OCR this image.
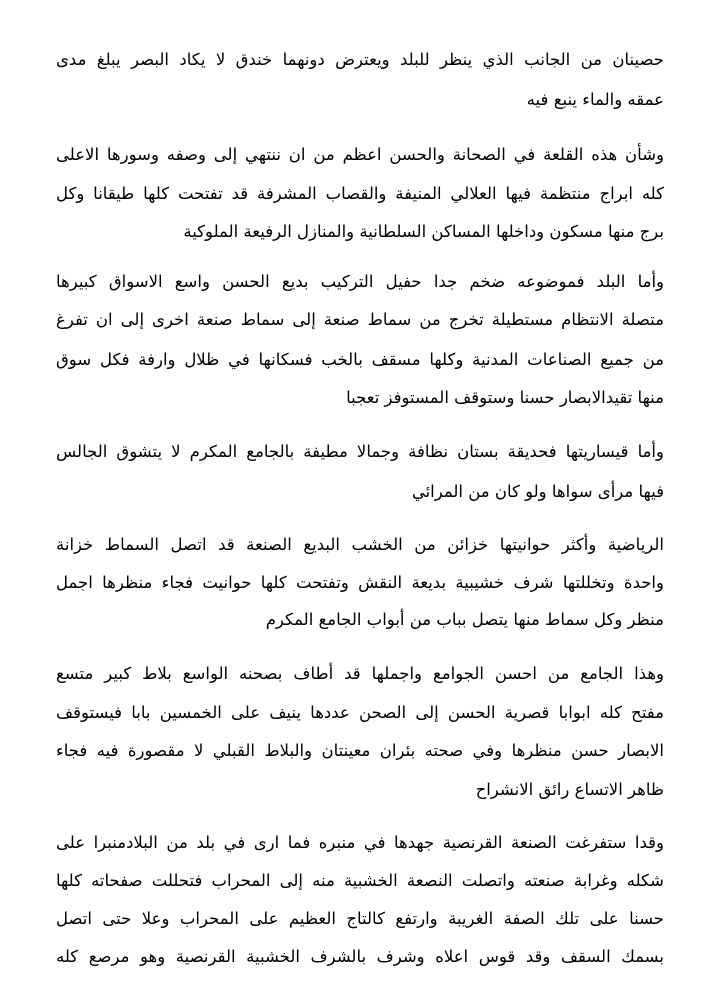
حصينان من الجانب الذي ينظر للبلد ويعترض دونهما خندق لا يكاد البصر يبلغ مدى
عمقه والماء ينبع فيه
وشأن هذه القلعة في الصحانة والحسن اعظم من ان ننتهي إلى وصفه وسورها الاعلى
كله ابراج منتظمة فيها العلالي المنيفة والقصاب المشرفة قد تفتحت كلها طيقانا وكل
برج منها مسكون وداخلها المساكن السلطانية والمنازل الرفيعة الملوكية
وأما البلد فموضوعه ضخم جدا حفيل التركيب بديع الحسن واسع الاسواق كبيرها
متصلة الانتظام مستطيلة تخرج من سماط صنعة إلى سماط صنعة اخرى إلى ان تفرغ
من جميع الصناعات المدنية وكلها مسقف بالخب فسكانها في ظلال وارفة فكل سوق
منها تقيدالابصار حسنا وستوقف المستوفز تعجبا
وأما قيساريتها فحديقة بستان نظافة وجمالا مطيفة بالجامع المكرم لا يتشوق الجالس
فيها مرأى سواها ولو كان من المرائي
الرياضية وأكثر حوانيتها خزائن من الخشب البديع الصنعة قد اتصل السماط خزانة
واحدة وتخللتها شرف خشيبية بديعة النقش وتفتحت كلها حوانيت فجاء منظرها اجمل
منظر وكل سماط منها يتصل بباب من أبواب الجامع المكرم
وهذا الجامع من احسن الجوامع واجملها قد أطاف بصحنه الواسع بلاط كبير متسع
مفتح كله ابوابا قصرية الحسن إلى الصحن عددها ينيف على الخمسين بابا فيستوقف
الابصار حسن منظرها وفي صحته بئران معينتان والبلاط القبلي لا مقصورة فيه فجاء
ظاهر الاتساع رائق الانشراح
وقدا ستفرغت الصنعة القرنصية جهدها في منبره فما ارى في بلد من البلادمنبرا على
شكله وغرابة صنعته واتصلت النصعة الخشبية منه إلى المحراب فتحللت صفحاته كلها
حسنا على تلك الصفة الغريبة وارتفع كالتاج العظيم على المحراب وعلا حتى اتصل
بسمك السقف وقد قوس اعلاه وشرف بالشرف الخشبية القرنصية وهو مرصع كله
